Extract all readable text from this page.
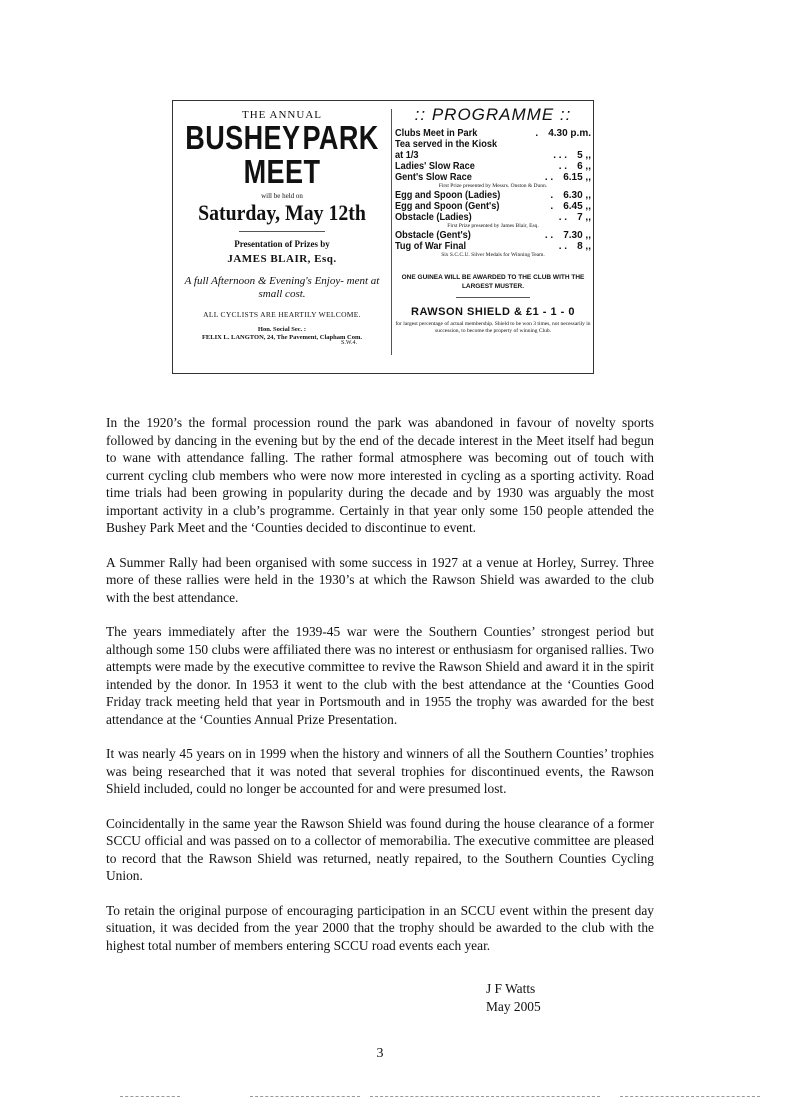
THE ANNUAL
BUSHEY PARK
MEET
will be held on
Saturday, May 12th
Presentation of Prizes by
JAMES BLAIR, Esq.
A full Afternoon & Evening's Enjoy- ment at small cost.
ALL CYCLISTS ARE HEARTILY WELCOME.
Hon. Social Sec. :
FELIX L. LANGTON, 24, The Pavement, Clapham Com.
S.W.4.
:: PROGRAMME ::
Clubs Meet in Park	. 4.30 p.m.
Tea served in the Kiosk
at 1/3	. . . 5 ,,
Ladies' Slow Race	. . 6 ,,
Gent's Slow Race	. . 6.15 ,,
First Prize presented by Messrs. Onston & Dunn.
Egg and Spoon (Ladies)	. 6.30 ,,
Egg and Spoon (Gent's)	. 6.45 ,,
Obstacle (Ladies)	. . 7 ,,
First Prize presented by James Blair, Esq.
Obstacle (Gent's)	. . 7.30 ,,
Tug of War Final	. . 8 ,,
Six S.C.C.U. Silver Medals for Winning Team.
ONE GUINEA WILL BE AWARDED TO THE CLUB WITH THE LARGEST MUSTER.
RAWSON SHIELD & £1 - 1 - 0
for largest percentage of actual membership. Shield to be won 3 times, not necessarily in succession, to become the property of winning Club.

In the 1920’s the formal procession round the park was abandoned in favour of novelty sports followed by dancing in the evening but by the end of the decade interest in the Meet itself had begun to wane with attendance falling. The rather formal atmosphere was becoming out of touch with current cycling club members who were now more interested in cycling as a sporting activity. Road time trials had been growing in popularity during the decade and by 1930 was arguably the most important activity in a club’s programme. Certainly in that year only some 150 people attended the Bushey Park Meet and the ‘Counties decided to discontinue to event.

A Summer Rally had been organised with some success in 1927 at a venue at Horley, Surrey. Three more of these rallies were held in the 1930’s at which the Rawson Shield was awarded to the club with the best attendance.

The years immediately after the 1939-45 war were the Southern Counties’ strongest period but although some 150 clubs were affiliated there was no interest or enthusiasm for organised rallies. Two attempts were made by the executive committee to revive the Rawson Shield and award it in the spirit intended by the donor. In 1953 it went to the club with the best attendance at the ‘Counties Good Friday track meeting held that year in Portsmouth and in 1955 the trophy was awarded for the best attendance at the ‘Counties Annual Prize Presentation.

It was nearly 45 years on in 1999 when the history and winners of all the Southern Counties’ trophies was being researched that it was noted that several trophies for discontinued events, the Rawson Shield included, could no longer be accounted for and were presumed lost.

Coincidentally in the same year the Rawson Shield was found during the house clearance of a former SCCU official and was passed on to a collector of memorabilia. The executive committee are pleased to record that the Rawson Shield was returned, neatly repaired, to the Southern Counties Cycling Union.

To retain the original purpose of encouraging participation in an SCCU event within the present day situation, it was decided from the year 2000 that the trophy should be awarded to the club with the highest total number of members entering SCCU road events each year.

J F Watts
May 2005
3
